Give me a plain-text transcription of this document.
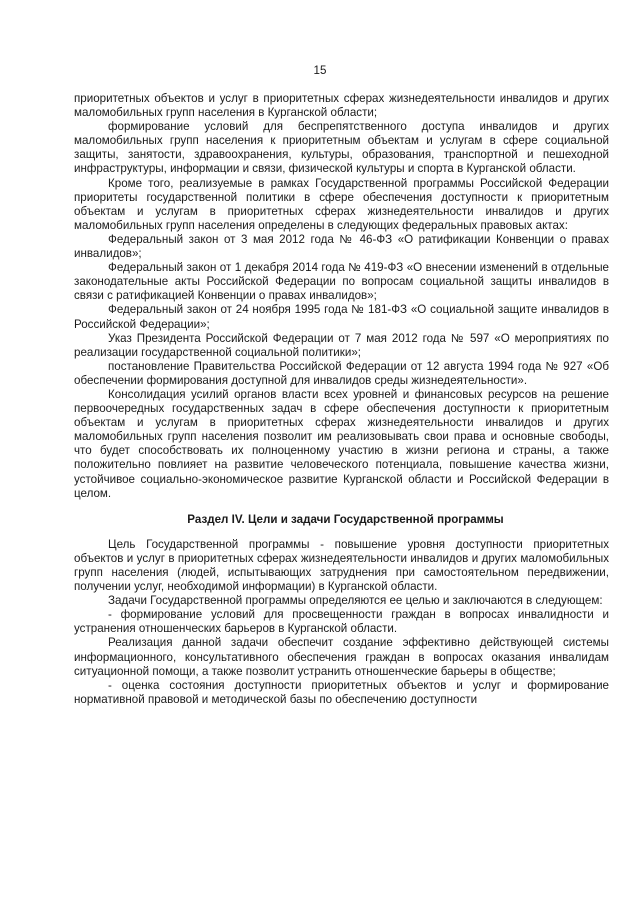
15

приоритетных объектов и услуг в приоритетных сферах жизнедеятельности инвалидов и других маломобильных групп населения в Курганской области;

формирование условий для беспрепятственного доступа инвалидов и других маломобильных групп населения к приоритетным объектам и услугам в сфере социальной защиты, занятости, здравоохранения, культуры, образования, транспортной и пешеходной инфраструктуры, информации и связи, физической культуры и спорта в Курганской области.

Кроме того, реализуемые в рамках Государственной программы Российской Федерации приоритеты государственной политики в сфере обеспечения доступности к приоритетным объектам и услугам в приоритетных сферах жизнедеятельности инвалидов и других маломобильных групп населения определены в следующих федеральных правовых актах:

Федеральный закон от 3 мая 2012 года № 46-ФЗ «О ратификации Конвенции о правах инвалидов»;

Федеральный закон от 1 декабря 2014 года № 419-ФЗ «О внесении изменений в отдельные законодательные акты Российской Федерации по вопросам социальной защиты инвалидов в связи с ратификацией Конвенции о правах инвалидов»;

Федеральный закон от 24 ноября 1995 года № 181-ФЗ «О социальной защите инвалидов в Российской Федерации»;

Указ Президента Российской Федерации от 7 мая 2012 года № 597 «О мероприятиях по реализации государственной социальной политики»;

постановление Правительства Российской Федерации от 12 августа 1994 года № 927 «Об обеспечении формирования доступной для инвалидов среды жизнедеятельности».

Консолидация усилий органов власти всех уровней и финансовых ресурсов на решение первоочередных государственных задач в сфере обеспечения доступности к приоритетным объектам и услугам в приоритетных сферах жизнедеятельности инвалидов и других маломобильных групп населения позволит им реализовывать свои права и основные свободы, что будет способствовать их полноценному участию в жизни региона и страны, а также положительно повлияет на развитие человеческого потенциала, повышение качества жизни, устойчивое социально-экономическое развитие Курганской области и Российской Федерации в целом.

Раздел IV. Цели и задачи Государственной программы

Цель Государственной программы - повышение уровня доступности приоритетных объектов и услуг в приоритетных сферах жизнедеятельности инвалидов и других маломобильных групп населения (людей, испытывающих затруднения при самостоятельном передвижении, получении услуг, необходимой информации) в Курганской области.

Задачи Государственной программы определяются ее целью и заключаются в следующем:

- формирование условий для просвещенности граждан в вопросах инвалидности и устранения отношенческих барьеров в Курганской области.

Реализация данной задачи обеспечит создание эффективно действующей системы информационного, консультативного обеспечения граждан в вопросах оказания инвалидам ситуационной помощи, а также позволит устранить отношенческие барьеры в обществе;

- оценка состояния доступности приоритетных объектов и услуг и формирование нормативной правовой и методической базы по обеспечению доступности
